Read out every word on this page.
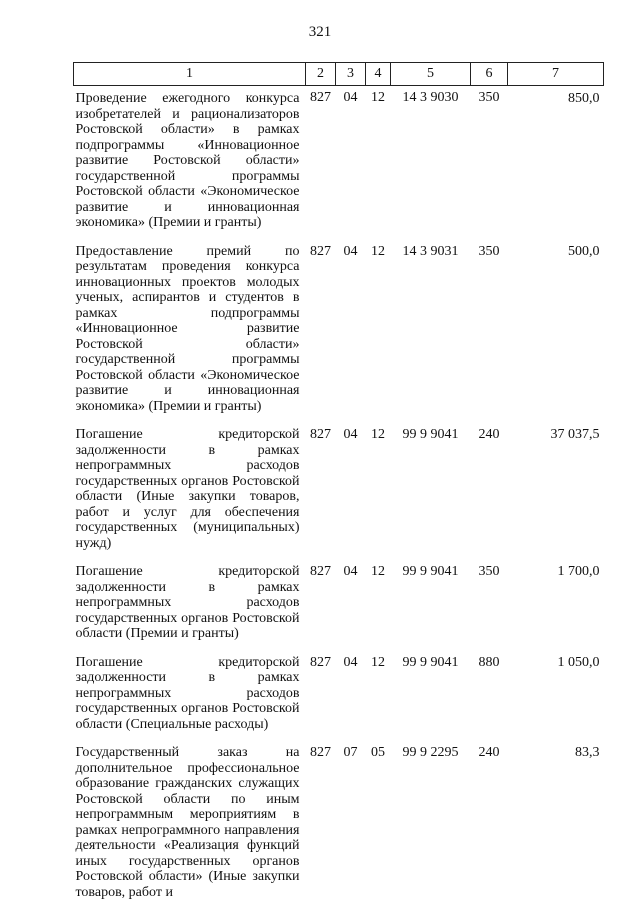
321
1	2	3	4	5	6	7
Проведение ежегодного конкурса изобретателей и рационализаторов Ростовской области» в рамках подпрограммы «Инновационное развитие Ростовской области» государственной программы Ростовской области «Экономическое развитие и инновационная экономика» (Премии и гранты)	827	04	12	14 3 9030	350	850,0
Предоставление премий по результатам проведения конкурса инновационных проектов молодых ученых, аспирантов и студентов в рамках подпрограммы «Инновационное развитие Ростовской области» государственной программы Ростовской области «Экономическое развитие и инновационная экономика» (Премии и гранты)	827	04	12	14 3 9031	350	500,0
Погашение кредиторской задолженности в рамках непрограммных расходов государственных органов Ростовской области (Иные закупки товаров, работ и услуг для обеспечения государственных (муниципальных) нужд)	827	04	12	99 9 9041	240	37 037,5
Погашение кредиторской задолженности в рамках непрограммных расходов государственных органов Ростовской области (Премии и гранты)	827	04	12	99 9 9041	350	1 700,0
Погашение кредиторской задолженности в рамках непрограммных расходов государственных органов Ростовской области (Специальные расходы)	827	04	12	99 9 9041	880	1 050,0
Государственный заказ на дополнительное профессиональное образование гражданских служащих Ростовской области по иным непрограммным мероприятиям в рамках непрограммного направления деятельности «Реализация функций иных государственных органов Ростовской области» (Иные закупки товаров, работ и	827	07	05	99 9 2295	240	83,3
